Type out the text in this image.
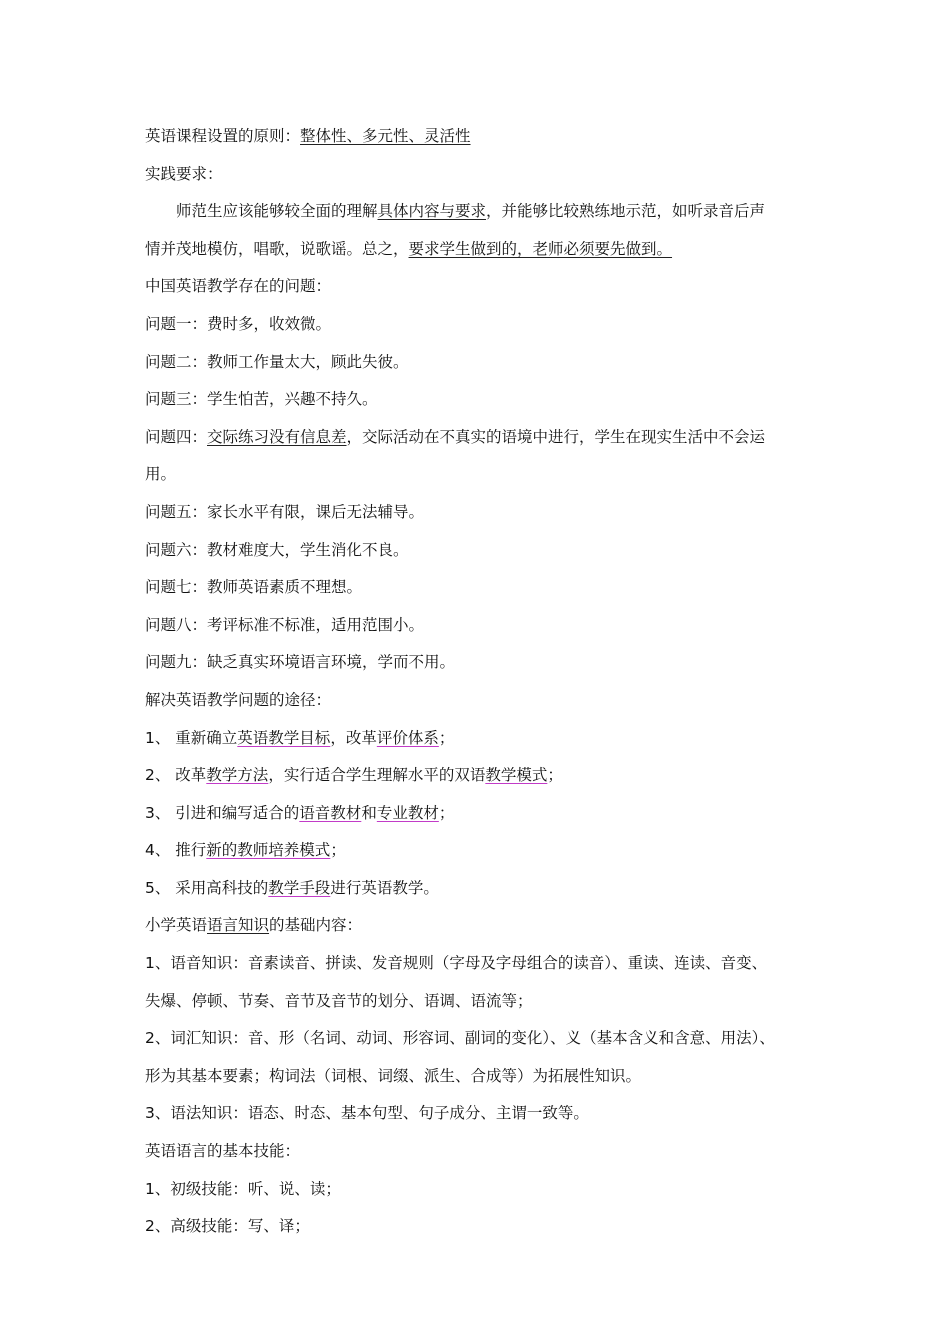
英语课程设置的原则：整体性、多元性、灵活性
实践要求：
师范生应该能够较全面的理解具体内容与要求，并能够比较熟练地示范，如听录音后声
情并茂地模仿，唱歌，说歌谣。总之，要求学生做到的，老师必须要先做到。
中国英语教学存在的问题：
问题一：费时多，收效微。
问题二：教师工作量太大，顾此失彼。
问题三：学生怕苦，兴趣不持久。
问题四：交际练习没有信息差，交际活动在不真实的语境中进行，学生在现实生活中不会运
用。
问题五：家长水平有限，课后无法辅导。
问题六：教材难度大，学生消化不良。
问题七：教师英语素质不理想。
问题八：考评标准不标准，适用范围小。
问题九：缺乏真实环境语言环境，学而不用。
解决英语教学问题的途径：
1、 重新确立英语教学目标，改革评价体系；
2、 改革教学方法，实行适合学生理解水平的双语教学模式；
3、 引进和编写适合的语音教材和专业教材；
4、 推行新的教师培养模式；
5、 采用高科技的教学手段进行英语教学。
小学英语语言知识的基础内容：
1、语音知识：音素读音、拼读、发音规则（字母及字母组合的读音）、重读、连读、音变、
失爆、停顿、节奏、音节及音节的划分、语调、语流等；
2、词汇知识：音、形（名词、动词、形容词、副词的变化）、义（基本含义和含意、用法）、
形为其基本要素；构词法（词根、词缀、派生、合成等）为拓展性知识。
3、语法知识：语态、时态、基本句型、句子成分、主谓一致等。
英语语言的基本技能：
1、初级技能：听、说、读；
2、高级技能：写、译；
